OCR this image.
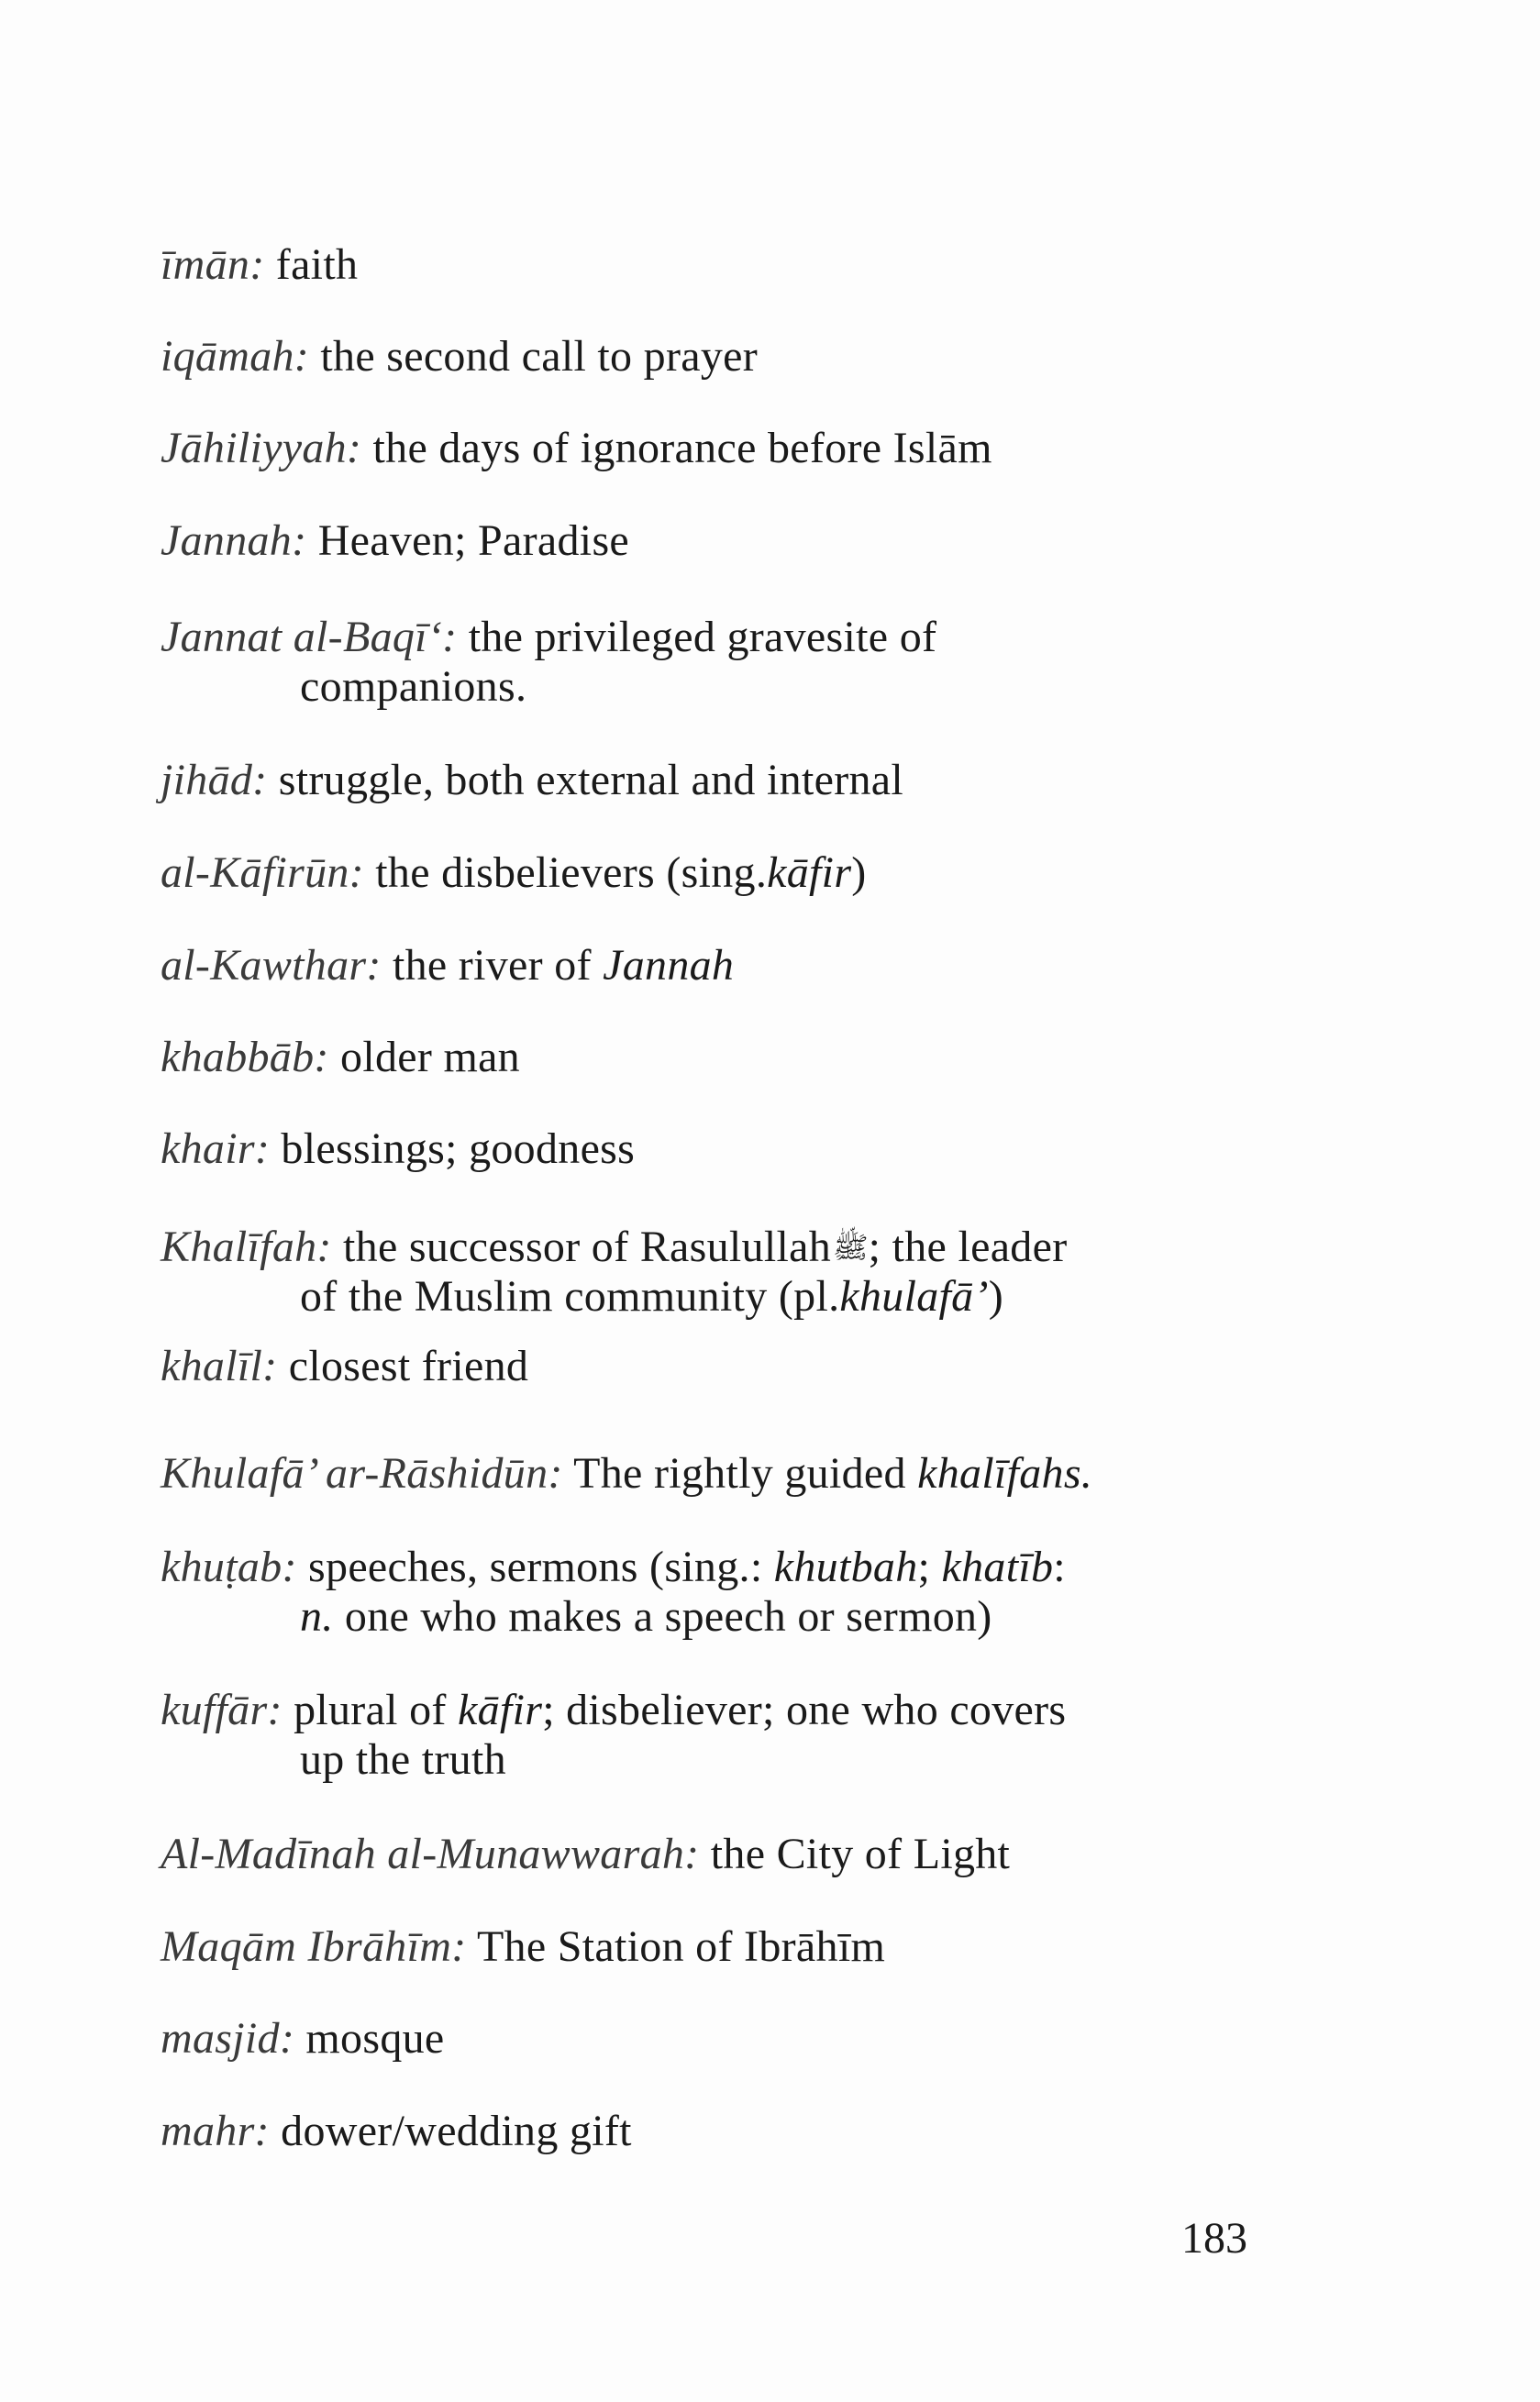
īmān: faith
iqāmah: the second call to prayer
Jāhiliyyah: the days of ignorance before Islām
Jannah: Heaven; Paradise
Jannat al-Baqī‘: the privileged gravesite of
companions.
jihād: struggle, both external and internal
al-Kāfirūn: the disbelievers (sing.kāfir)
al-Kawthar: the river of Jannah
khabbāb: older man
khair: blessings; goodness
Khalīfah: the successor of Rasulullahﷺ; the leader
of the Muslim community (pl.khulafā’)
khalīl: closest friend
Khulafā’ ar-Rāshidūn: The rightly guided khalīfahs.
khuṭab: speeches, sermons (sing.: khutbah; khatīb:
n. one who makes a speech or sermon)
kuffār: plural of kāfir; disbeliever; one who covers
up the truth
Al-Madīnah al-Munawwarah: the City of Light
Maqām Ibrāhīm: The Station of Ibrāhīm
masjid: mosque
mahr: dower/wedding gift
183
